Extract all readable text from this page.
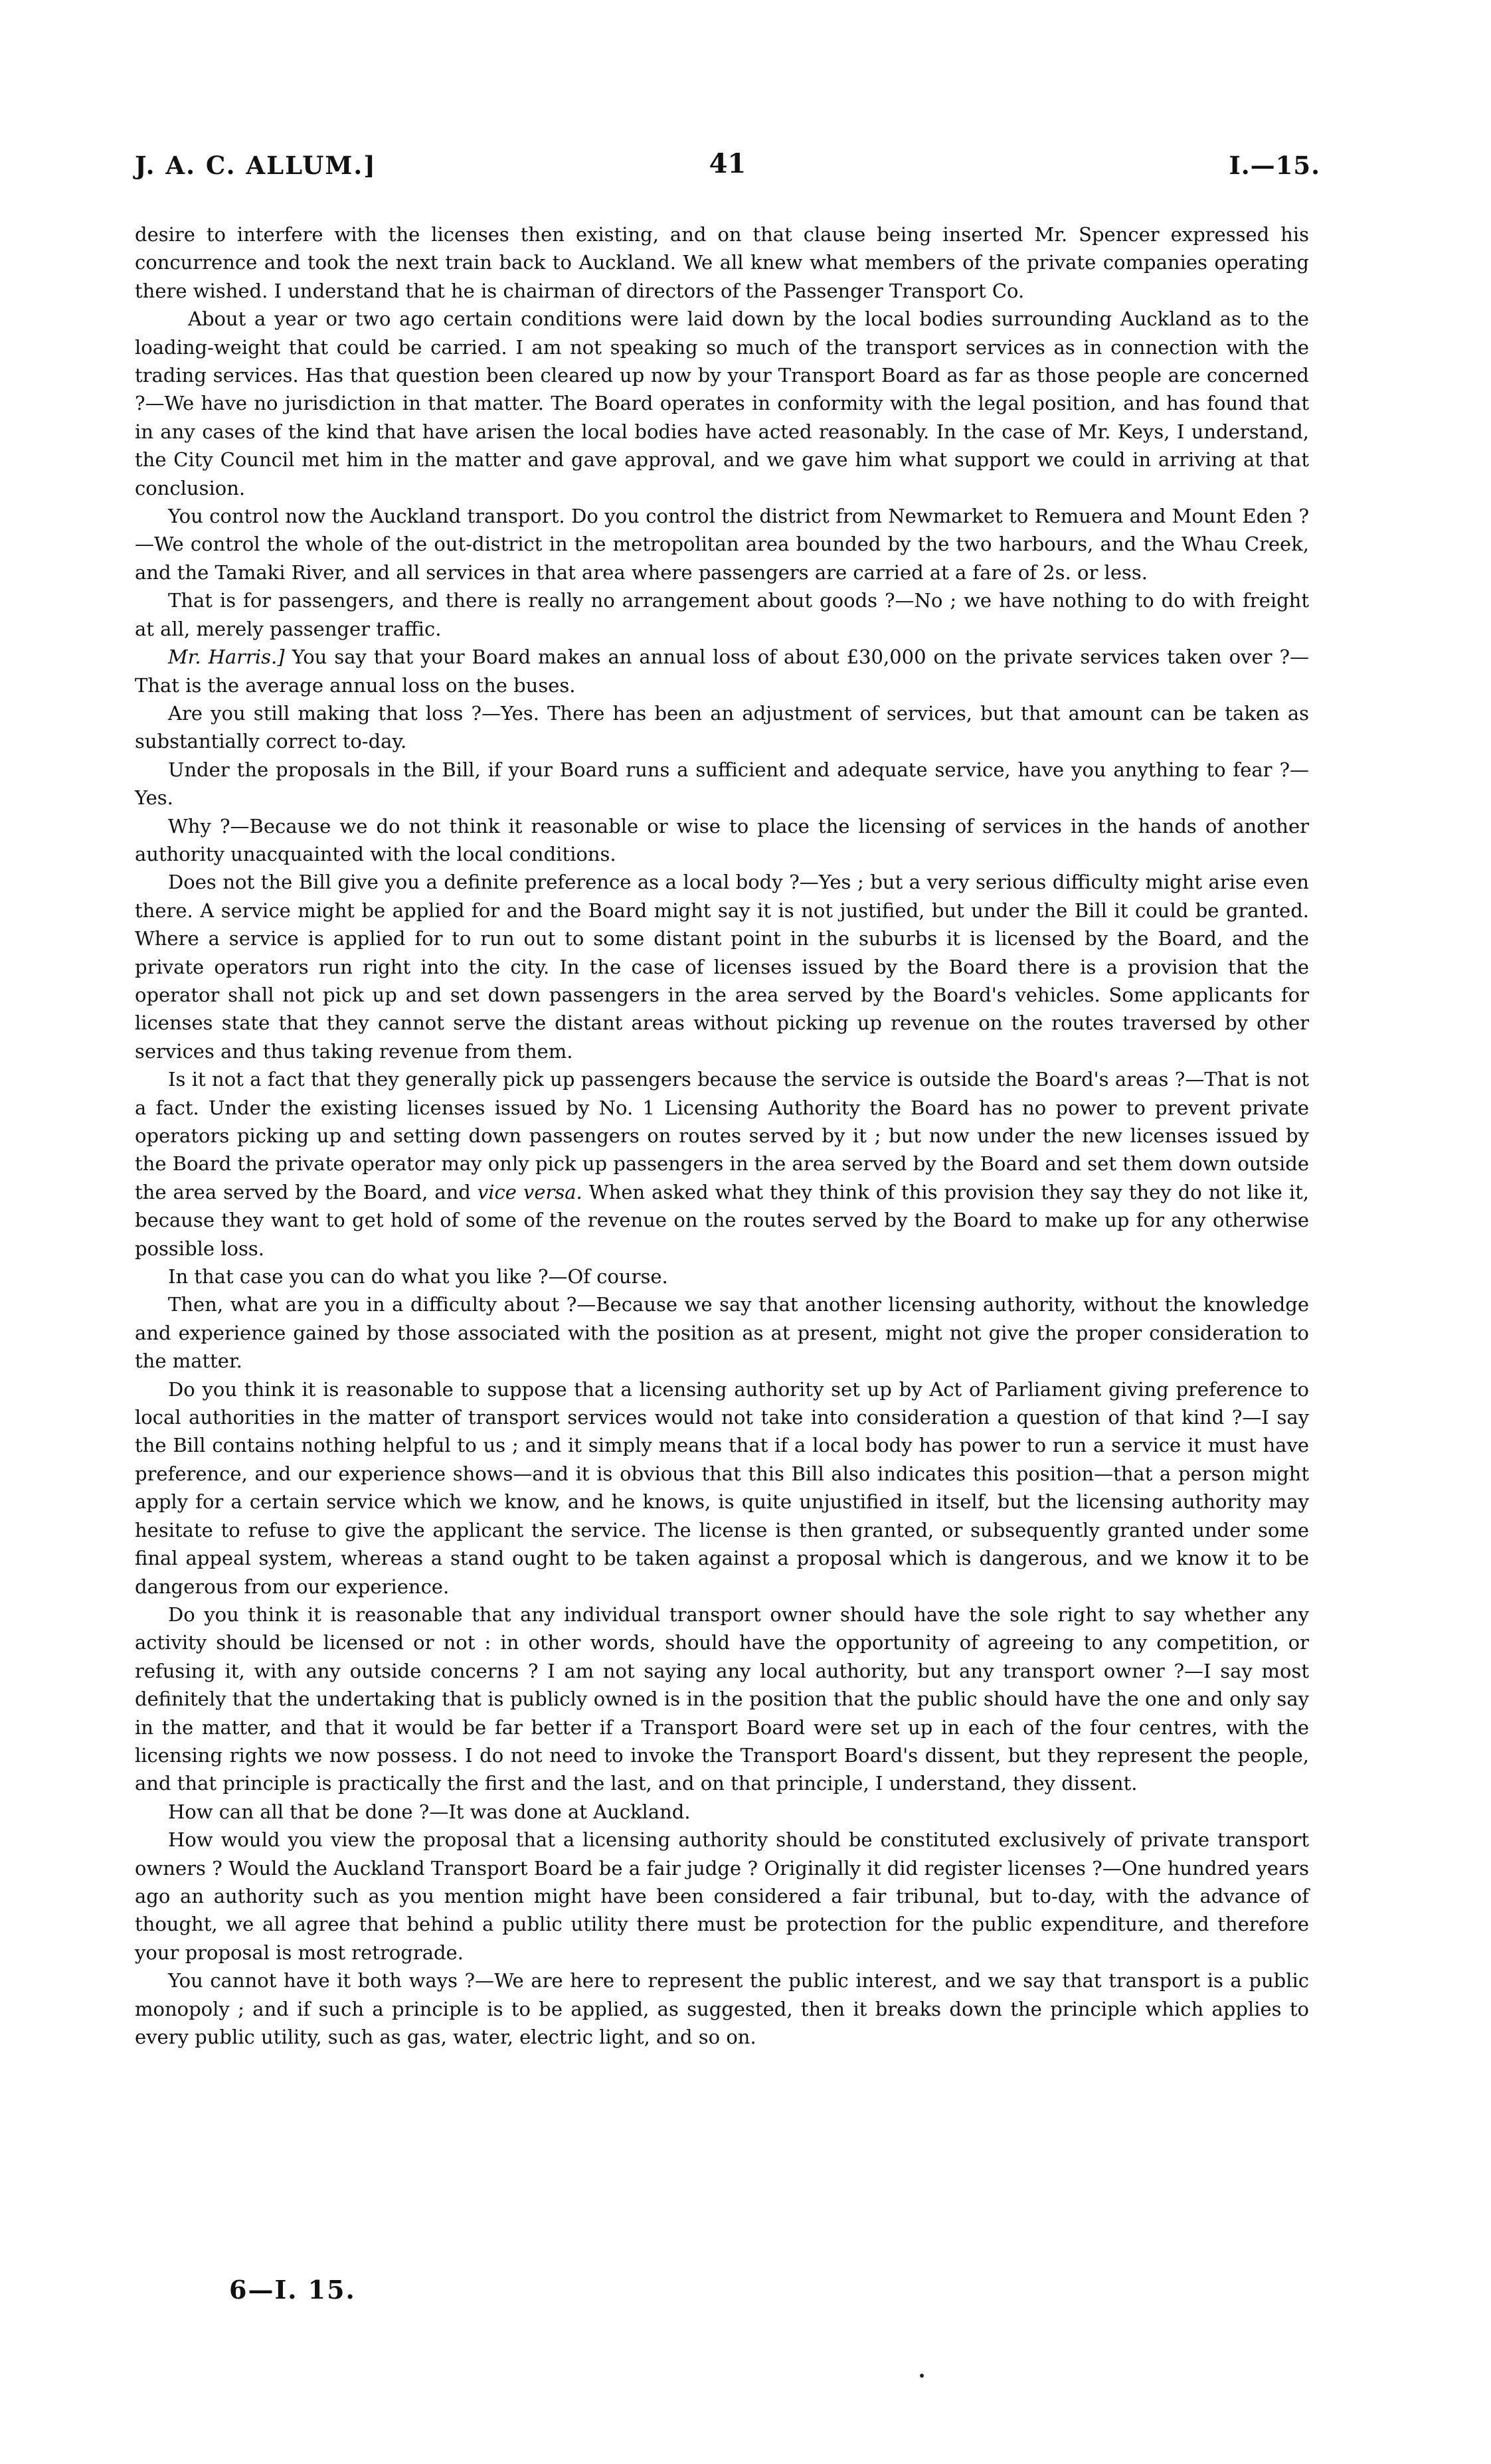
J. A. C. ALLUM.]	41	I.—15.

desire to interfere with the licenses then existing, and on that clause being inserted Mr. Spencer expressed his concurrence and took the next train back to Auckland. We all knew what members of the private companies operating there wished. I understand that he is chairman of directors of the Passenger Transport Co.

About a year or two ago certain conditions were laid down by the local bodies surrounding Auckland as to the loading-weight that could be carried. I am not speaking so much of the transport services as in connection with the trading services. Has that question been cleared up now by your Transport Board as far as those people are concerned ?—We have no jurisdiction in that matter. The Board operates in conformity with the legal position, and has found that in any cases of the kind that have arisen the local bodies have acted reasonably. In the case of Mr. Keys, I understand, the City Council met him in the matter and gave approval, and we gave him what support we could in arriving at that conclusion.

You control now the Auckland transport. Do you control the district from Newmarket to Remuera and Mount Eden ?—We control the whole of the out-district in the metropolitan area bounded by the two harbours, and the Whau Creek, and the Tamaki River, and all services in that area where passengers are carried at a fare of 2s. or less.

That is for passengers, and there is really no arrangement about goods ?—No ; we have nothing to do with freight at all, merely passenger traffic.

Mr. Harris.] You say that your Board makes an annual loss of about £30,000 on the private services taken over ?—That is the average annual loss on the buses.

Are you still making that loss ?—Yes. There has been an adjustment of services, but that amount can be taken as substantially correct to-day.

Under the proposals in the Bill, if your Board runs a sufficient and adequate service, have you anything to fear ?—Yes.

Why ?—Because we do not think it reasonable or wise to place the licensing of services in the hands of another authority unacquainted with the local conditions.

Does not the Bill give you a definite preference as a local body ?—Yes ; but a very serious difficulty might arise even there. A service might be applied for and the Board might say it is not justified, but under the Bill it could be granted. Where a service is applied for to run out to some distant point in the suburbs it is licensed by the Board, and the private operators run right into the city. In the case of licenses issued by the Board there is a provision that the operator shall not pick up and set down passengers in the area served by the Board's vehicles. Some applicants for licenses state that they cannot serve the distant areas without picking up revenue on the routes traversed by other services and thus taking revenue from them.

Is it not a fact that they generally pick up passengers because the service is outside the Board's areas ?—That is not a fact. Under the existing licenses issued by No. 1 Licensing Authority the Board has no power to prevent private operators picking up and setting down passengers on routes served by it ; but now under the new licenses issued by the Board the private operator may only pick up passengers in the area served by the Board and set them down outside the area served by the Board, and vice versa. When asked what they think of this provision they say they do not like it, because they want to get hold of some of the revenue on the routes served by the Board to make up for any otherwise possible loss.

In that case you can do what you like ?—Of course.

Then, what are you in a difficulty about ?—Because we say that another licensing authority, without the knowledge and experience gained by those associated with the position as at present, might not give the proper consideration to the matter.

Do you think it is reasonable to suppose that a licensing authority set up by Act of Parliament giving preference to local authorities in the matter of transport services would not take into consideration a question of that kind ?—I say the Bill contains nothing helpful to us ; and it simply means that if a local body has power to run a service it must have preference, and our experience shows—and it is obvious that this Bill also indicates this position—that a person might apply for a certain service which we know, and he knows, is quite unjustified in itself, but the licensing authority may hesitate to refuse to give the applicant the service. The license is then granted, or subsequently granted under some final appeal system, whereas a stand ought to be taken against a proposal which is dangerous, and we know it to be dangerous from our experience.

Do you think it is reasonable that any individual transport owner should have the sole right to say whether any activity should be licensed or not : in other words, should have the opportunity of agreeing to any competition, or refusing it, with any outside concerns ? I am not saying any local authority, but any transport owner ?—I say most definitely that the undertaking that is publicly owned is in the position that the public should have the one and only say in the matter, and that it would be far better if a Transport Board were set up in each of the four centres, with the licensing rights we now possess. I do not need to invoke the Transport Board's dissent, but they represent the people, and that principle is practically the first and the last, and on that principle, I understand, they dissent.

How can all that be done ?—It was done at Auckland.

How would you view the proposal that a licensing authority should be constituted exclusively of private transport owners ? Would the Auckland Transport Board be a fair judge ? Originally it did register licenses ?—One hundred years ago an authority such as you mention might have been considered a fair tribunal, but to-day, with the advance of thought, we all agree that behind a public utility there must be protection for the public expenditure, and therefore your proposal is most retrograde.

You cannot have it both ways ?—We are here to represent the public interest, and we say that transport is a public monopoly ; and if such a principle is to be applied, as suggested, then it breaks down the principle which applies to every public utility, such as gas, water, electric light, and so on.

6—I. 15.
